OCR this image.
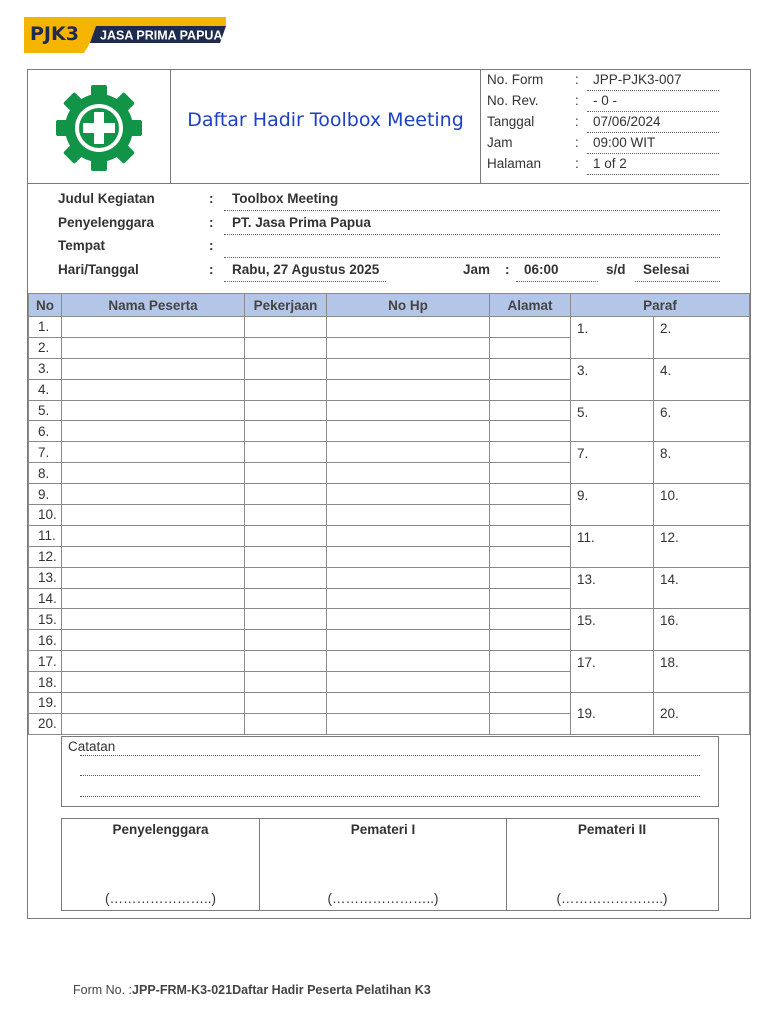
PJK3 JASA PRIMA PAPUA
Daftar Hadir Toolbox Meeting
No. Form :	JPP-PJK3-007
No. Rev.	:	- 0 -
Tanggal	:	07/06/2024
Jam	:	09:00 WIT
Halaman	:	1 of 2
Judul Kegiatan	:	Toolbox Meeting
Penyelenggara	:	PT. Jasa Prima Papua
Tempat	:
Hari/Tanggal	:	Rabu, 27 Agustus 2025	Jam :	06:00	s/d	Selesai
No	Nama Peserta	Pekerjaan	No Hp	Alamat	Paraf	
1.					1.	2.
2.						
3.					3.	4.
4.						
5.					5.	6.
6.						
7.					7.	8.
8.						
9.					9.	10.
10.						
11.					11.	12.
12.						
13.					13.	14.
14.						
15.					15.	16.
16.						
17.					17.	18.
18.						
19.					19.	20.
20.						
Catatan
Penyelenggara
(…………………..)
Pemateri I
(…………………..)
Pemateri II
(…………………..)
Form No. :JPP-FRM-K3-021Daftar Hadir Peserta Pelatihan K3
